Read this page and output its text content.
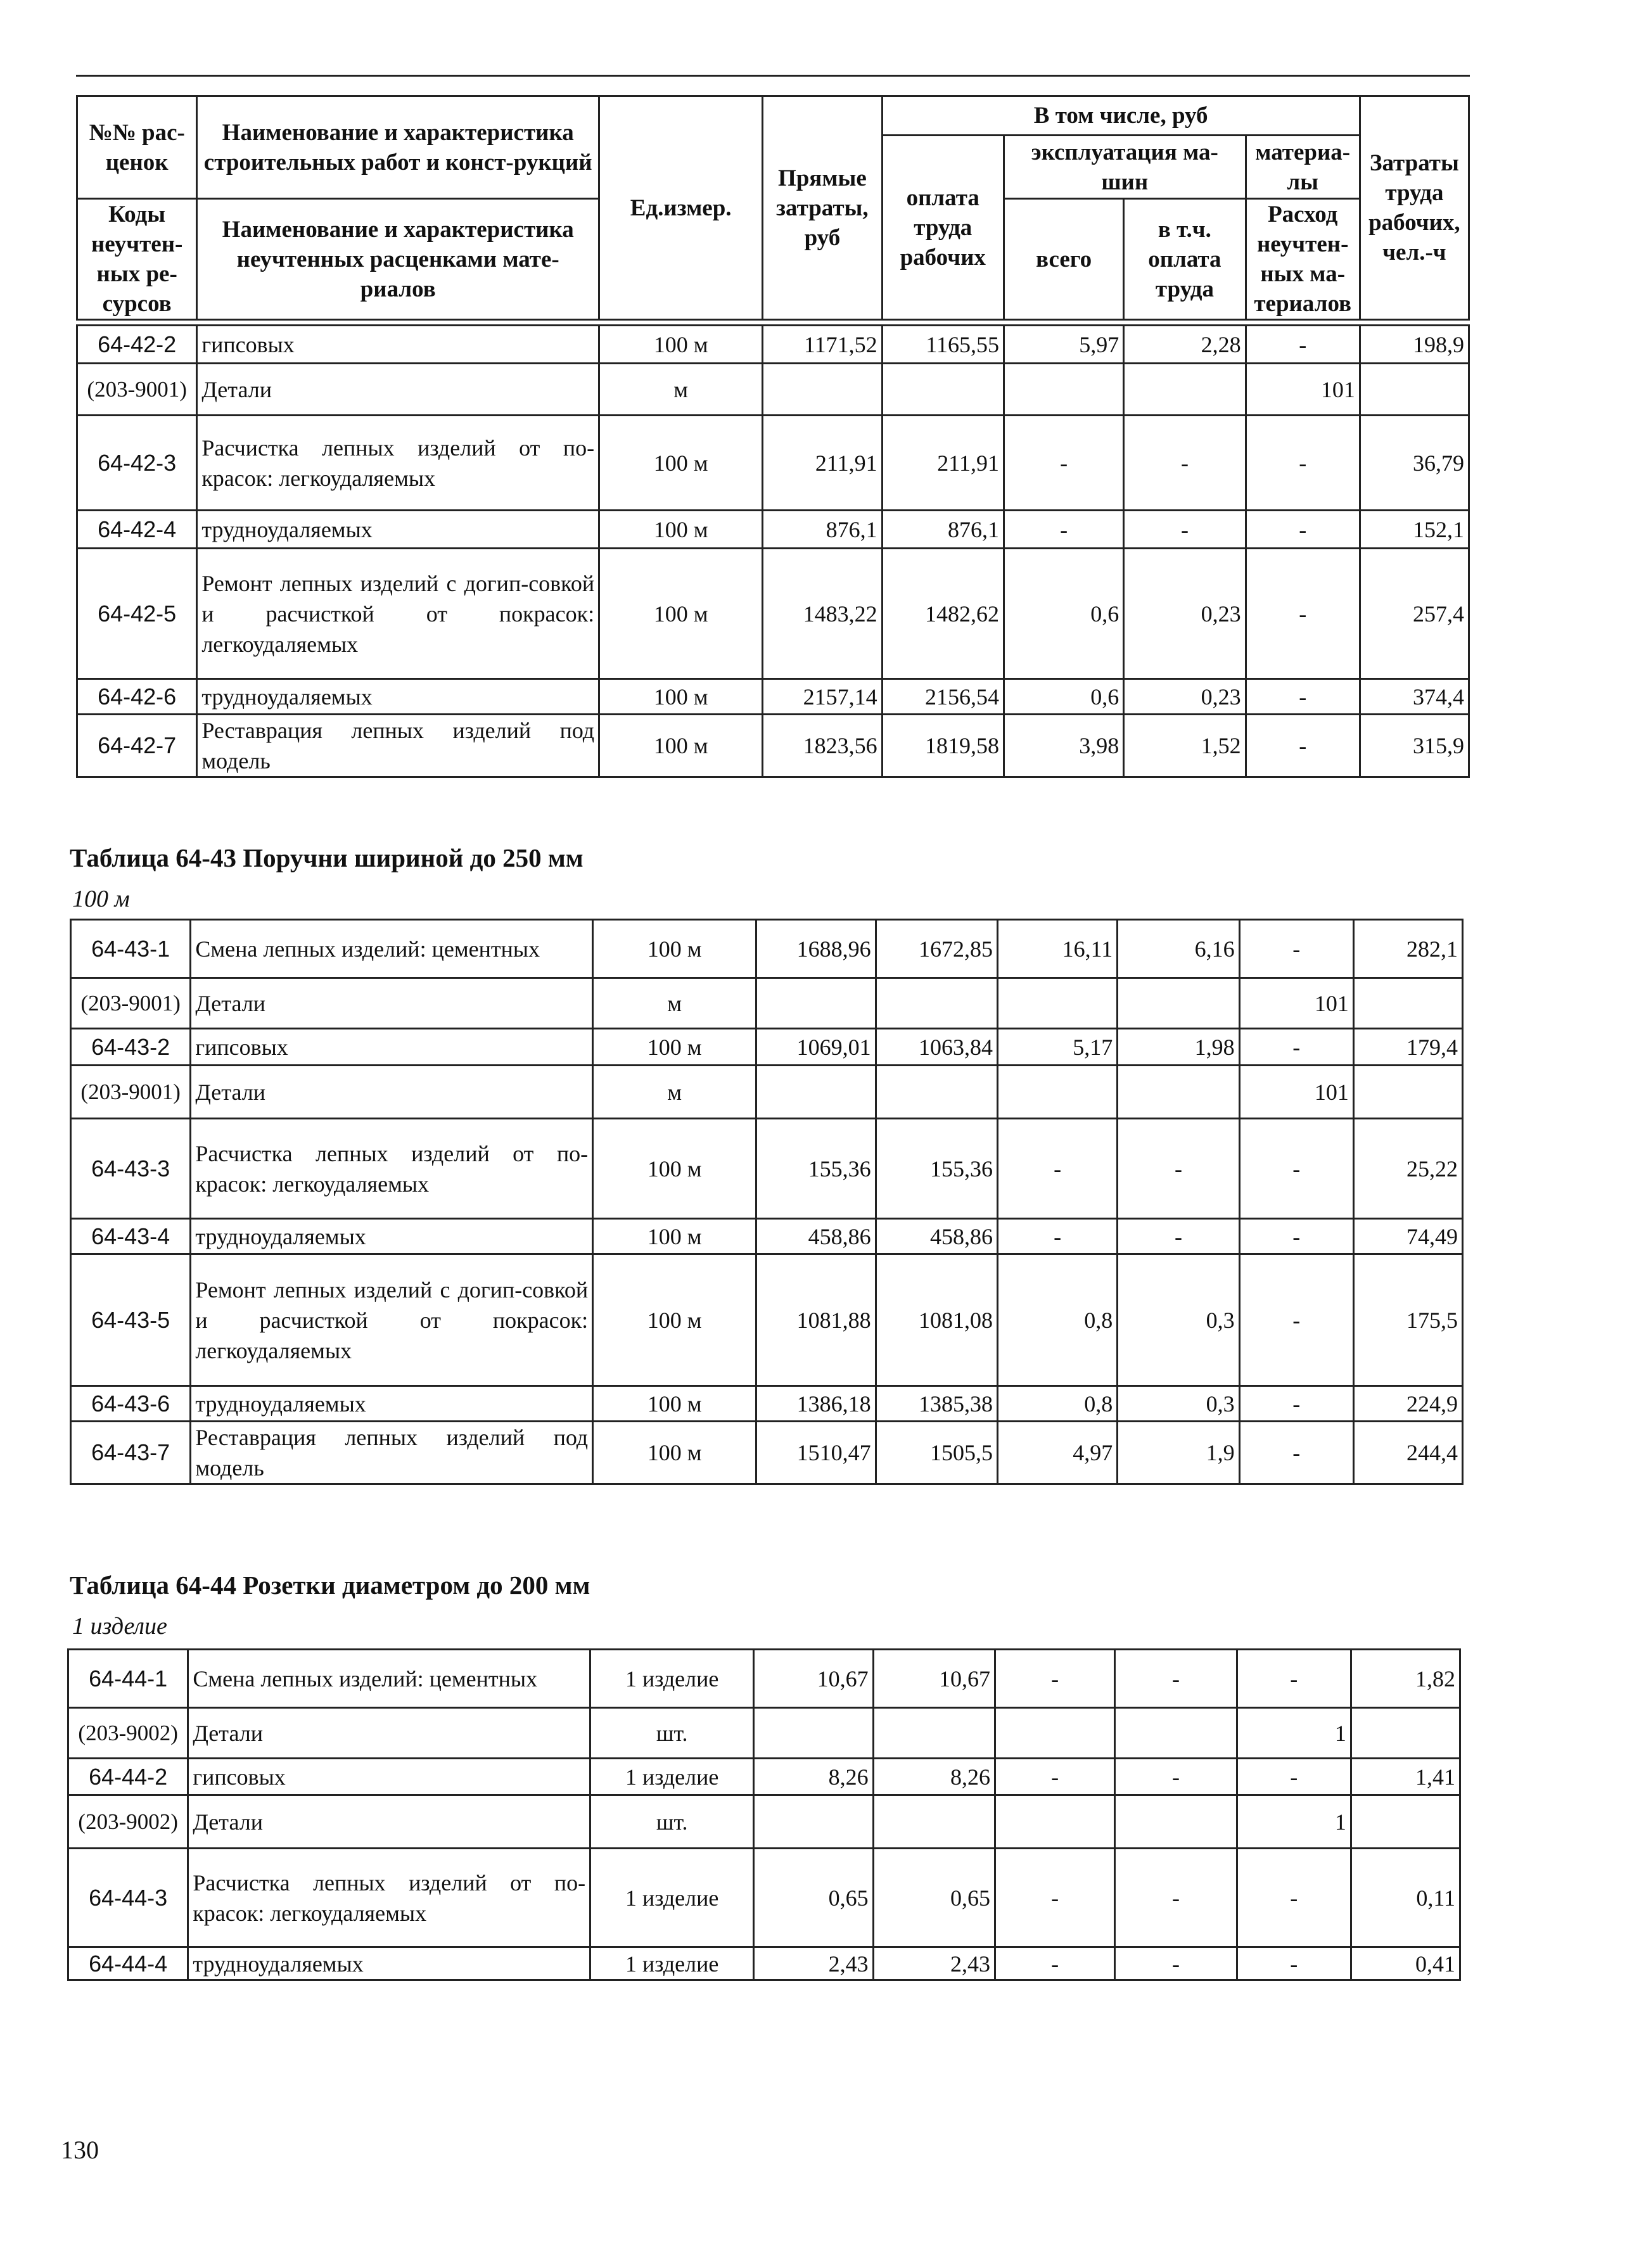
№№ рас-ценок	Наименование и характеристика строительных работ и конст-рукций	Ед.измер.	Прямые затраты, руб	В том числе, руб				Затраты труда рабочих, чел.-ч
				оплата труда рабочих	эксплуатация ма-шин		материа-лы	

Коды неучтен-ных ре-сурсов	Наименование и характеристика неучтенных расценками мате-риалов				всего	в т.ч. оплата труда	Расход неучтен-ных ма-териалов	

64-42-2	гипсовых	100 м	1171,52	1165,55	5,97	2,28	-	198,9
(203-9001)	Детали	м					101	
64-42-3	Расчистка лепных изделий от по-красок: легкоудаляемых	100 м	211,91	211,91	-	-	-	36,79
64-42-4	трудноудаляемых	100 м	876,1	876,1	-	-	-	152,1
64-42-5	Ремонт лепных изделий с догип-совкой и расчисткой от покрасок: легкоудаляемых	100 м	1483,22	1482,62	0,6	0,23	-	257,4
64-42-6	трудноудаляемых	100 м	2157,14	2156,54	0,6	0,23	-	374,4
64-42-7	Реставрация лепных изделий под модель	100 м	1823,56	1819,58	3,98	1,52	-	315,9
Таблица 64-43 Поручни шириной до 250 мм
100 м
64-43-1	Смена лепных изделий: цементных	100 м	1688,96	1672,85	16,11	6,16	-	282,1
(203-9001)	Детали	м					101	
64-43-2	гипсовых	100 м	1069,01	1063,84	5,17	1,98	-	179,4
(203-9001)	Детали	м					101	
64-43-3	Расчистка лепных изделий от по-красок: легкоудаляемых	100 м	155,36	155,36	-	-	-	25,22
64-43-4	трудноудаляемых	100 м	458,86	458,86	-	-	-	74,49
64-43-5	Ремонт лепных изделий с догип-совкой и расчисткой от покрасок: легкоудаляемых	100 м	1081,88	1081,08	0,8	0,3	-	175,5
64-43-6	трудноудаляемых	100 м	1386,18	1385,38	0,8	0,3	-	224,9
64-43-7	Реставрация лепных изделий под модель	100 м	1510,47	1505,5	4,97	1,9	-	244,4
Таблица 64-44 Розетки диаметром до 200 мм
1 изделие
64-44-1	Смена лепных изделий: цементных	1 изделие	10,67	10,67	-	-	-	1,82
(203-9002)	Детали	шт.					1	
64-44-2	гипсовых	1 изделие	8,26	8,26	-	-	-	1,41
(203-9002)	Детали	шт.					1	
64-44-3	Расчистка лепных изделий от по-красок: легкоудаляемых	1 изделие	0,65	0,65	-	-	-	0,11
64-44-4	трудноудаляемых	1 изделие	2,43	2,43	-	-	-	0,41
130
